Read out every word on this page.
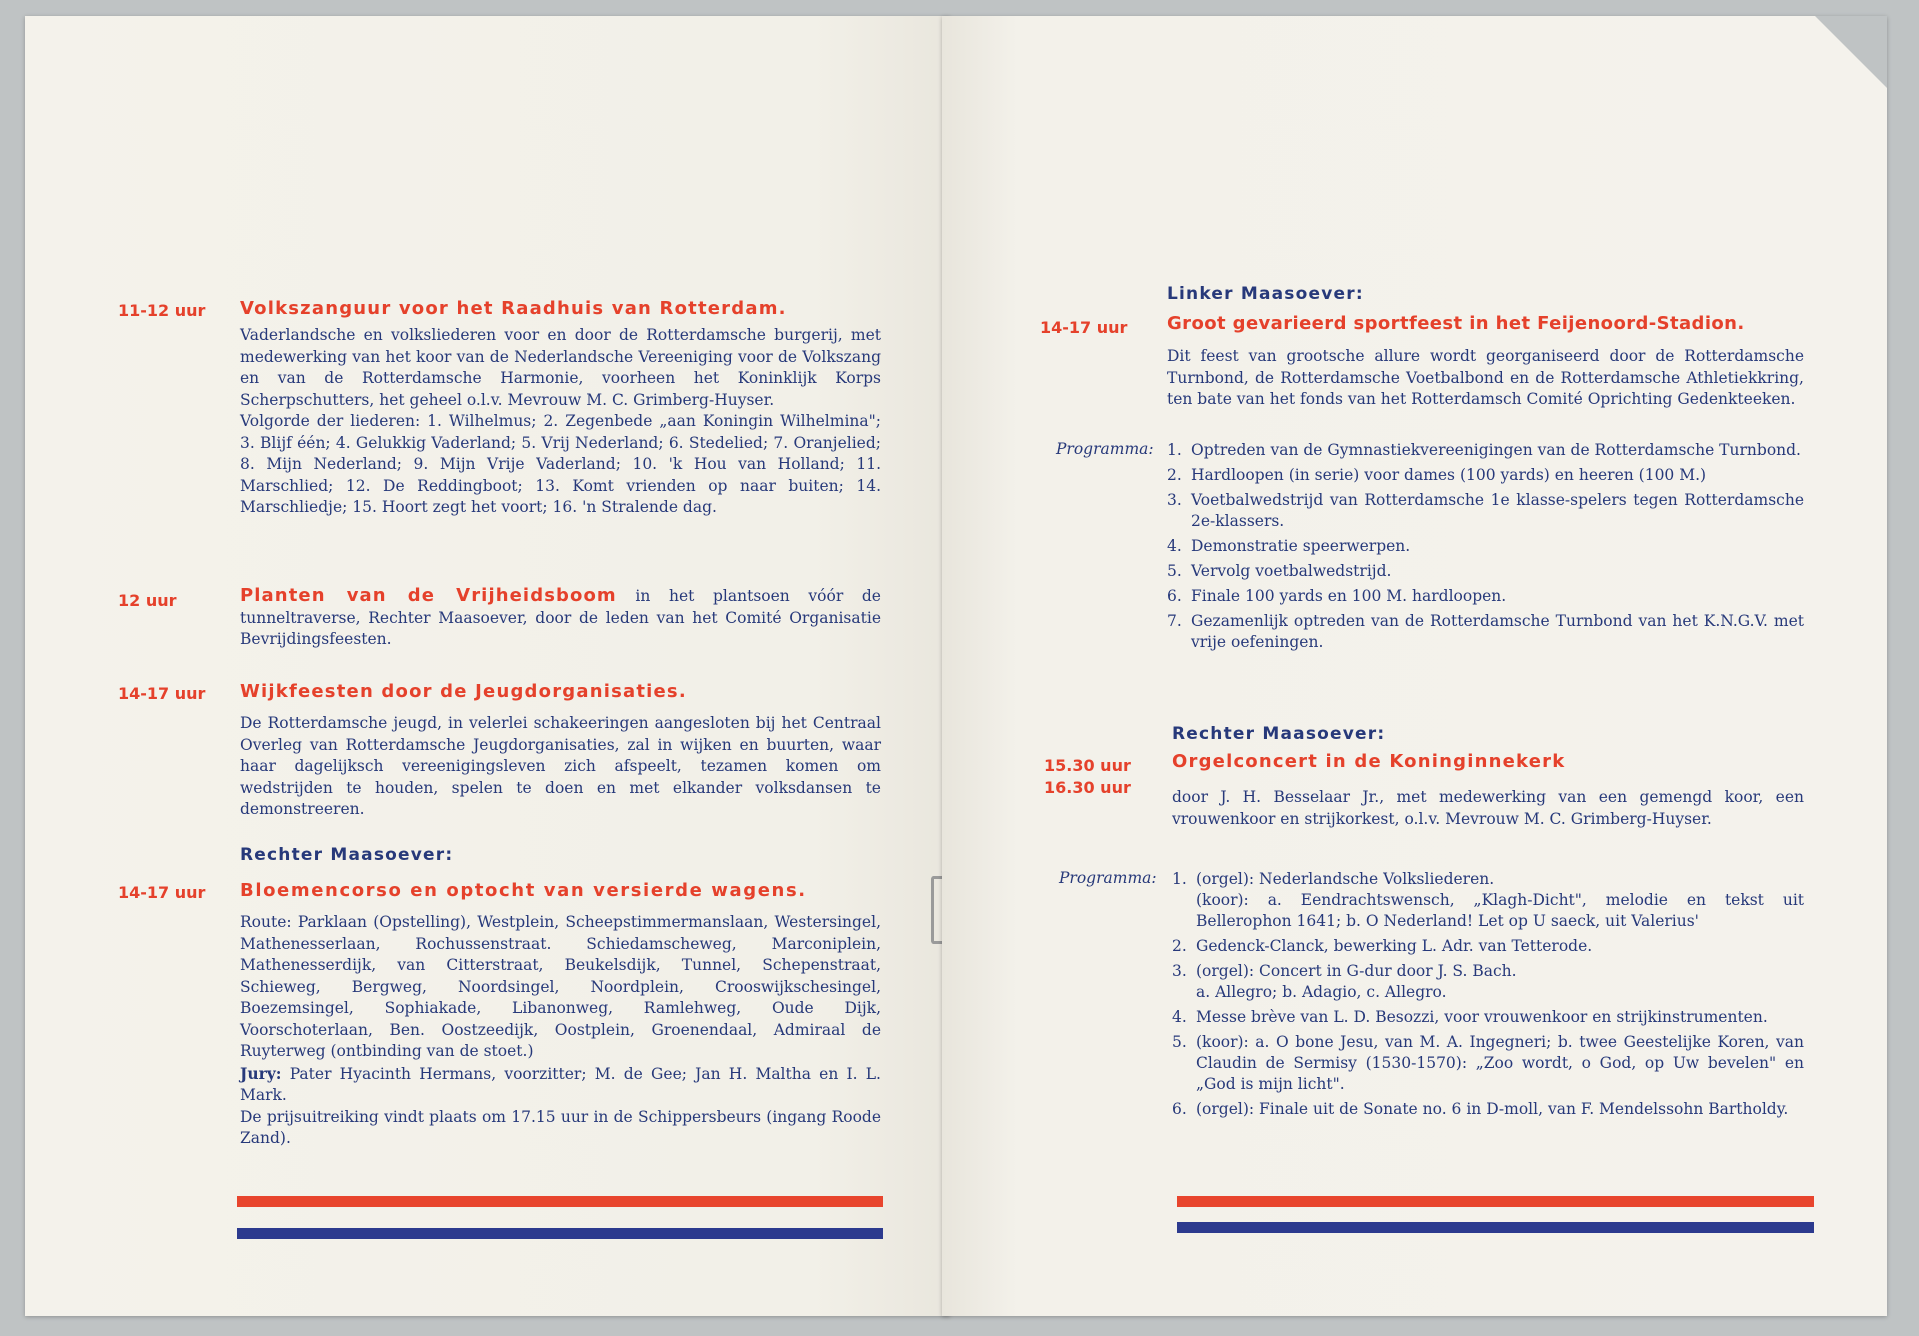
11-12 uur Volkszanguur voor het Raadhuis van Rotterdam.

Vaderlandsche en volksliederen voor en door de Rotterdamsche burgerij, met medewerking van het koor van de Nederlandsche Vereeniging voor de Volkszang en van de Rotterdamsche Harmonie, voorheen het Koninklijk Korps Scherpschutters, het geheel o.l.v. Mevrouw M. C. Grimberg-Huyser.

Volgorde der liederen: 1. Wilhelmus; 2. Zegenbede „aan Koningin Wilhelmina"; 3. Blijf één; 4. Gelukkig Vaderland; 5. Vrij Nederland; 6. Stedelied; 7. Oranjelied; 8. Mijn Nederland; 9. Mijn Vrije Vaderland; 10. 'k Hou van Holland; 11. Marschlied; 12. De Reddingboot; 13. Komt vrienden op naar buiten; 14. Marschliedje; 15. Hoort zegt het voort; 16. 'n Stralende dag.

12 uur	Planten van de Vrijheidsboom in het plantsoen vóór de tunneltraverse, Rechter Maasoever, door de leden van het Comité Organisatie Bevrijdingsfeesten.
14-17 uur Wijkfeesten door de Jeugdorganisaties.

De Rotterdamsche jeugd, in velerlei schakeeringen aangesloten bij het Centraal Overleg van Rotterdamsche Jeugdorganisaties, zal in wijken en buurten, waar haar dagelijksch vereenigingsleven zich afspeelt, tezamen komen om wedstrijden te houden, spelen te doen en met elkander volksdansen te demonstreeren.

Rechter Maasoever:
14-17 uur Bloemencorso en optocht van versierde wagens.

Route: Parklaan (Opstelling), Westplein, Scheepstimmermanslaan, Westersingel, Mathenesserlaan, Rochussenstraat. Schiedamscheweg, Marconiplein, Mathenesserdijk, van Citterstraat, Beukelsdijk, Tunnel, Schepenstraat, Schieweg, Bergweg, Noordsingel, Noordplein, Crooswijkschesingel, Boezemsingel, Sophiakade, Libanonweg, Ramlehweg, Oude Dijk, Voorschoterlaan, Ben. Oostzeedijk, Oostplein, Groenendaal, Admiraal de Ruyterweg (ontbinding van de stoet.)

Jury: Pater Hyacinth Hermans, voorzitter; M. de Gee; Jan H. Maltha en I. L. Mark.

De prijsuitreiking vindt plaats om 17.15 uur in de Schippersbeurs (ingang Roode Zand).

Linker Maasoever:
14-17 uur Groot gevarieerd sportfeest in het Feijenoord-Stadion.

Dit feest van grootsche allure wordt georganiseerd door de Rotterdamsche Turnbond, de Rotterdamsche Voetbalbond en de Rotterdamsche Athletiekkring, ten bate van het fonds van het Rotterdamsch Comité Oprichting Gedenkteeken.

Programma: 1. Optreden van de Gymnastiekvereenigingen van de Rotterdamsche Turnbond.
2. Hardloopen (in serie) voor dames (100 yards) en heeren (100 M.)
3. Voetbalwedstrijd van Rotterdamsche 1e klasse-spelers tegen Rotterdamsche 2e-klassers.
4. Demonstratie speerwerpen.
5. Vervolg voetbalwedstrijd.
6. Finale 100 yards en 100 M. hardloopen.
7. Gezamenlijk optreden van de Rotterdamsche Turnbond van het K.N.G.V. met vrije oefeningen.
Rechter Maasoever:
15.30 uur
16.30 uur
Orgelconcert in de Koninginnekerk

door J. H. Besselaar Jr., met medewerking van een gemengd koor, een vrouwenkoor en strijkorkest, o.l.v. Mevrouw M. C. Grimberg-Huyser.

Programma: 1. (orgel): Nederlandsche Volksliederen.
(koor): a. Eendrachtswensch, „Klagh-Dicht", melodie en tekst uit Bellerophon 1641; b. O Nederland! Let op U saeck, uit Valerius'
2. Gedenck-Clanck, bewerking L. Adr. van Tetterode.
3. (orgel): Concert in G-dur door J. S. Bach.
a. Allegro; b. Adagio, c. Allegro.
4. Messe brève van L. D. Besozzi, voor vrouwenkoor en strijkinstrumenten.
5. (koor): a. O bone Jesu, van M. A. Ingegneri; b. twee Geestelijke Koren, van Claudin de Sermisy (1530-1570): „Zoo wordt, o God, op Uw bevelen" en „God is mijn licht".
6. (orgel): Finale uit de Sonate no. 6 in D-moll, van F. Mendelssohn Bartholdy.
